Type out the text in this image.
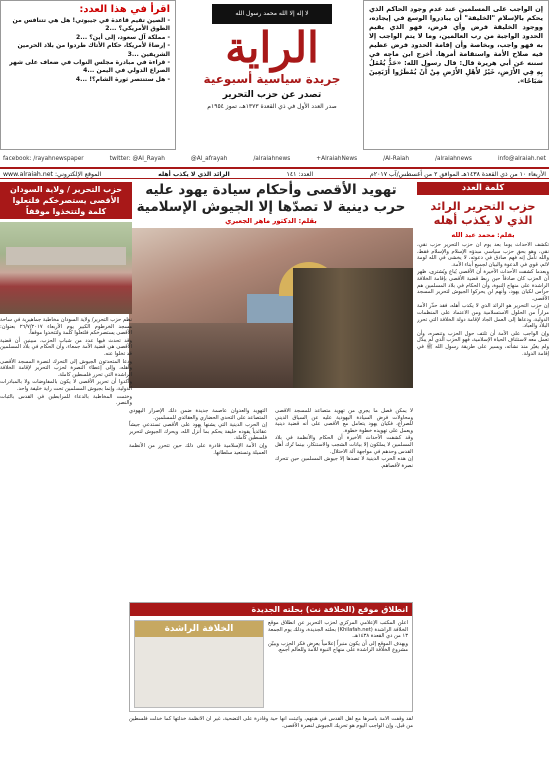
إن الواجب على المسلمين عند عدم وجود الحاكم الذي يحكم بالإسلام "الخليفة" أن يبادروا الوسع في إيجاده، ووجود الخليفة فرض وأي فرض، فهو الذي يقيم الحدود الواجبة من رب العالمين، وما لا يتم الواجب إلا به فهو واجب، وبخاصة وأن إقامة الحدود فرض عظيم فيه صلاح الأمة واستقامة أمرها. أخرج ابن ماجه في سننه عن أبي هريرة قال: قال رسول الله: «حَدٌّ يُعْمَلُ بِهِ فِي الأَرْضِ، خَيْرٌ لأَهْلِ الأَرْضِ مِنْ أَنْ يُمْطَرُوا أَرْبَعِينَ صَبَاحًا».
لا إله إلا الله محمد رسول الله
الراية
جريدة سياسية أسبوعية
تصدر عن حزب التحرير
صدر العدد الأول في ذي القعدة ١٣٧٣هـ، تموز ١٩٥٤م
اقرأ في هذا العدد:
- الصين تقيم قاعدة في جيبوتي! هل هي تتنافس من الطوق الأمريكي؟ ...2
- مملكة آل سعود، إلى أين؟ ...2
- إرضاءً لأمريكا، حكام الأتاك طردوا من بلاد الحرمين الشريفين ...3
- قراءة في مبادرة مجلس النواب في ضعاف على شهر الصراع الدولي في اليمن ...4
- هل ستنتصر ثورة الشام؟! ...4
facebook: /rayahnewspaper	twitter: @Al_Rayah	@Al_afrayah	/alraiahnews	+AlraiahNews	/Al-Raiah	/alraiahnews	info@alraiah.net
الأربعاء ١٠ من ذي القعدة ١٤٣٨هـ الموافق ٢ من أغسطس/آب ٢٠١٧م
العدد: ١٤١
الرائد الذي لا يكذب أهله
الموقع الإلكتروني: www.alraiah.net
كلمة العدد
حزب التحرير الرائد الذي لا يكذب أهله
بقلم: محمد عبد الله

تكشف الأحداث يوماً بعد يوم أن حزب التحرير حزب نقي، نقي، وهو بحق حزب سياسي مبدؤه الإسلام والإسلام فقط، والله نأمل إنه فهم صادق في دعوته، لا يخشى في الله لومة لائم، قوي في الدعوة والبيان لجميع أبناء الأمة.

وبعدما كشفت الأحداث الأخيرة أن الأقصى يُباع ويُشترى، ظهر أن الحزب كان صادقاً حين ربط قضية الأقصى بإقامة الخلافة الراشدة على منهاج النبوة، وأن الحكام في بلاد المسلمين هم حراس لكيان يهود، وأنهم لن يحركوا الجيوش لتحرير المسجد الأقصى.

إن حزب التحرير هو الرائد الذي لا يكذب أهله، فقد حذّر الأمة مراراً من الحلول الاستسلامية ومن الاعتماد على المنظمات الدولية، ودعاها إلى العمل الجاد لإقامة دولة الخلافة التي تحرر البلاد والعباد.

وإن الواجب على الأمة أن تلتف حول الحزب وتنصره، وأن تعمل معه لاستئناف الحياة الإسلامية، فهو الحزب الذي لم يبدّل ولم يغيّر منذ نشأته، ويسير على طريقة رسول الله ﷺ في إقامة الدولة.

تهويد الأقصى وأحكام سيادة يهود عليه حرب دينية لا تصدّها إلا الجيوش الإسلامية
بقلم: الدكتور ماهر الجعبري

لا يمكن فصل ما يجري من تهويد متصاعد للمسجد الأقصى ومحاولات فرض السيادة اليهودية عليه عن السياق الديني للصراع، فكيان يهود يتعامل مع الأقصى على أنه قضية دينية ويعمل على تهويده خطوة خطوة.

وقد كشفت الأحداث الأخيرة أن الحكام والأنظمة في بلاد المسلمين لا يملكون إلا بيانات الشجب والاستنكار، بينما تُرك أهل القدس وحدهم في مواجهة آلة الاحتلال.

إن هذه الحرب الدينية لا تصدها إلا جيوش المسلمين حين تتحرك نصرة لأقصاهم.

التهويد والعدوان عاصمة جديدة ضمن ذلك الإصرار اليهودي المتصاعد على التحدي الحضاري والعقائدي للمسلمين.

إن الحرب الدينية التي يشنها يهود على الأقصى تستدعي جيشاً عقائدياً يقوده خليفة يحكم بما أنزل الله، ويحرك الجيوش لتحرير فلسطين كاملة.

وإن الأمة الإسلامية قادرة على ذلك حين تتحرر من الأنظمة العميلة وتستعيد سلطانها.

انطلاق موقع (الخلافة نت) بحلته الجديدة
الخلافة الراشدة

أعلن المكتب الإعلامي المركزي لحزب التحرير عن انطلاق موقع الخلافة الراشدة (Khilafah.net) بحلته الجديدة، وذلك يوم الجمعة ١٣ من ذي القعدة ١٤٣٨هـ.

ويهدف الموقع إلى أن يكون منبراً إعلامياً يعرض فكر الحزب ويبيّن مشروع الخلافة الراشدة على منهاج النبوة للأمة وللعالم أجمع.

لقد وقفت الأمة بأسرها مع أهل القدس في هبتهم، وأثبتت أنها حية وقادرة على التضحية، غير أن الأنظمة خذلتها كما خذلت فلسطين من قبل، وإن الواجب اليوم هو تحريك الجيوش لنصرة الأقصى.

حزب التحرير / ولاية السودان الأقصى يستصرخكم فلتعلوا كلمة ولتتخذوا موقفاً

نظم حزب التحرير/ ولاية السودان مخاطبة جماهيرية في ساحة مسجد الخرطوم الكبير يوم الأربعاء ٢٦/٧/٢٠١٧ بعنوان: الأقصى يستصرخكم فلتعلوا كلمة ولتتخذوا موقفاً.

وقد تحدث فيها عدد من شباب الحزب، مبينين أن قضية الأقصى هي قضية الأمة جمعاء، وأن الحكام في بلاد المسلمين قد تخلوا عنه.

ودعا المتحدثون الجيوش إلى التحرك لنصرة المسجد الأقصى وأهله، وإلى إعطاء النصرة لحزب التحرير لإقامة الخلافة الراشدة التي تحرر فلسطين كاملة.

وأكدوا أن تحرير الأقصى لا يكون بالمفاوضات ولا بالمبادرات الدولية، وإنما بجيوش المسلمين تحت راية خليفة واحد.

وختمت المخاطبة بالدعاء للمرابطين في القدس بالثبات والنصر.
